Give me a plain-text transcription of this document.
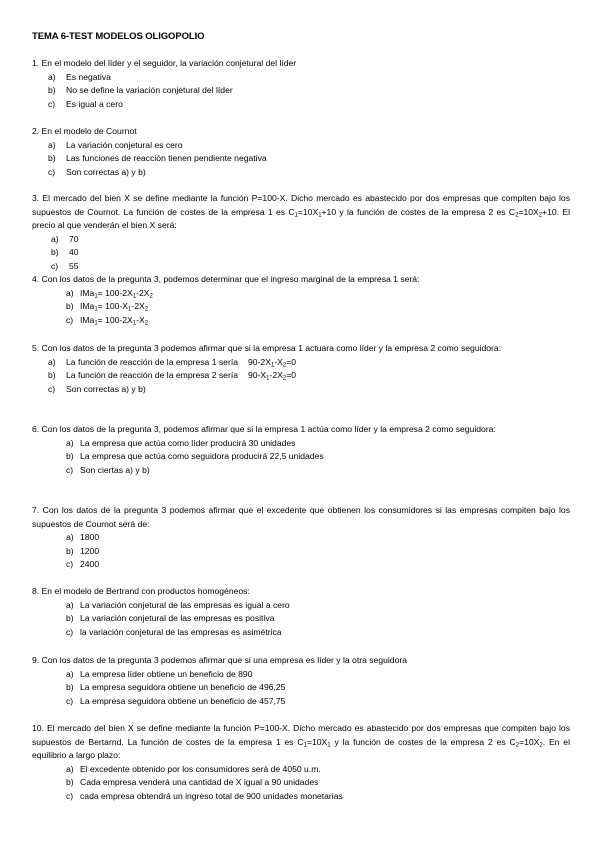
TEMA 6-TEST MODELOS OLIGOPOLIO
1. En el modelo del líder y el seguidor, la variación conjetural del líder
a)	Es negativa
b)	No se define la variación conjetural del líder
c)	Es igual a cero
2. En el modelo de Cournot
a)	La variación conjetural es cero
b)	Las funciones de reacción tienen pendiente negativa
c)	Son correctas a) y b)
3. El mercado del bien X se define mediante la función P=100-X. Dicho mercado es abastecido por dos empresas que compiten bajo los supuestos de Cournot. La función de costes de la empresa 1 es $C_1=10X_1+10$ y la función de costes de la empresa 2 es $C_2=10X_2+10$. El precio al que venderán el bien X será:
a)	70
b)	40
c)	55
4. Con los datos de la pregunta 3, podemos determinar que el ingreso marginal de la empresa 1 será:
a) $IMa_1= 100-2X_1-2X_2$
b) $IMa_1= 100-X_1-2X_2$
c) $IMa_1= 100-2X_1-X_2$
5. Con los datos de la pregunta 3 podemos afirmar que si la empresa 1 actuara como líder y la empresa 2 como seguidora:
a)	La función de reacción de la empresa 1 sería $90-2X_1-X_2=0$
b)	La función de reacción de la empresa 2 sería $90-X_1-2X_2=0$
c)	Son correctas a) y b)
6. Con los datos de la pregunta 3, podemos afirmar que si la empresa 1 actúa como líder y la empresa 2 como seguidora:
a) La empresa que actúa como líder producirá 30 unidades
b) La empresa que actúa como seguidora producirá 22,5 unidades
c) Son ciertas a) y b)
7. Con los datos de la pregunta 3 podemos afirmar que el excedente que obtienen los consumidores si las empresas compiten bajo los supuestos de Cournot será de:
a) 1800
b) 1200
c) 2400
8. En el modelo de Bertrand con productos homogéneos:
a) La variación conjetural de las empresas es igual a cero
b) La variación conjetural de las empresas es positiva
c) la variación conjetural de las empresas es asimétrica
9. Con los datos de la pregunta 3 podemos afirmar que si una empresa es líder y la otra seguidora
a) La empresa líder obtiene un beneficio de 890
b) La empresa seguidora obtiene un beneficio de 496,25
c) La empresa seguidora obtiene un beneficio de 457,75
10. El mercado del bien X se define mediante la función P=100-X. Dicho mercado es abastecido por dos empresas que compiten bajo los supuestos de Bertarnd. La función de costes de la empresa 1 es $C_1=10X_1$ y la función de costes de la empresa 2 es $C_2=10X_2$. En el equilibrio a largo plazo:
a) El excedente obtenido por los consumidores será de 4050 u.m.
b) Cada empresa venderá una cantidad de X igual a 90 unidades
c) cada empresa obtendrá un ingreso total de 900 unidades monetarias
